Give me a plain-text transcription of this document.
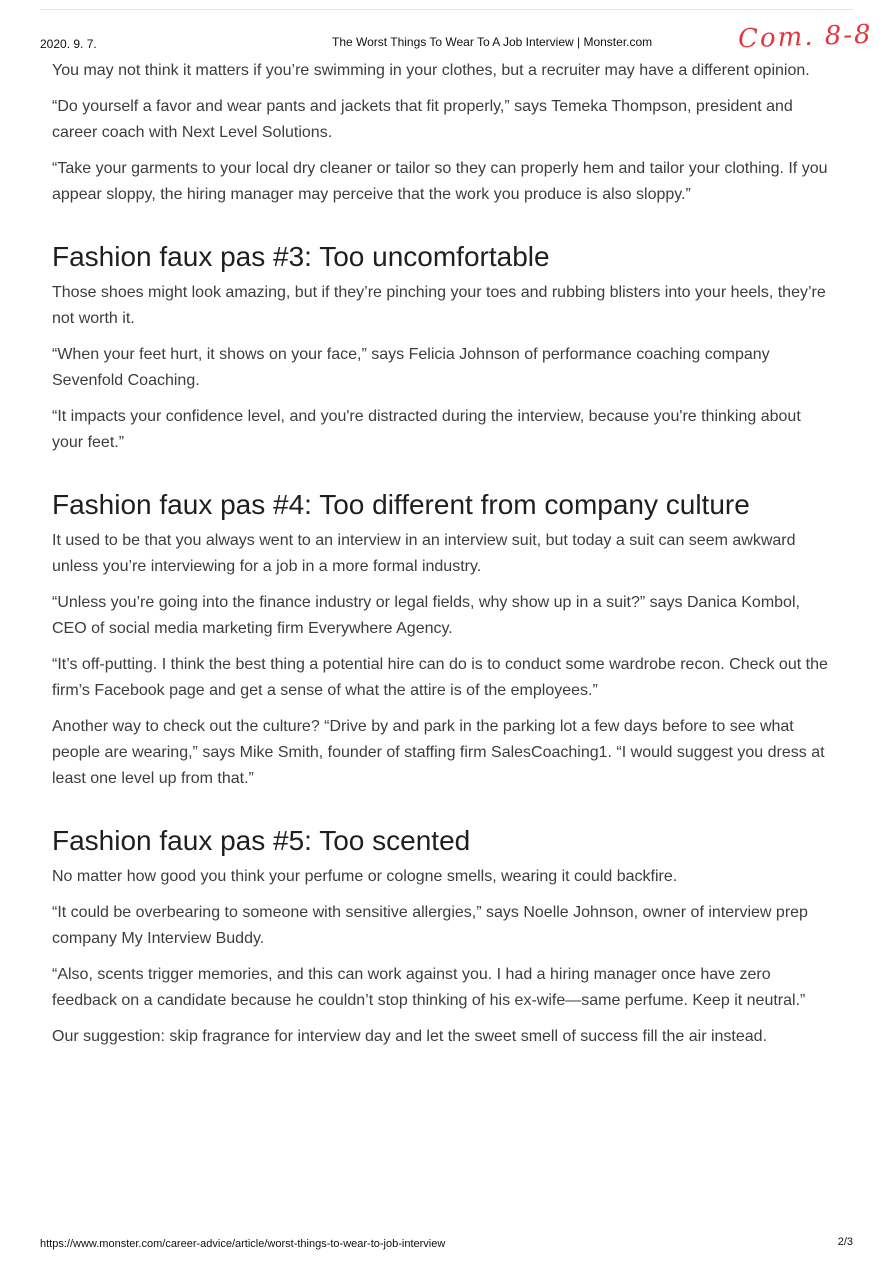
2020. 9. 7.	The Worst Things To Wear To A Job Interview | Monster.com	Com. 8-8

You may not think it matters if you’re swimming in your clothes, but a recruiter may have a different opinion.

“Do yourself a favor and wear pants and jackets that fit properly,” says Temeka Thompson, president and career coach with Next Level Solutions.

“Take your garments to your local dry cleaner or tailor so they can properly hem and tailor your clothing. If you appear sloppy, the hiring manager may perceive that the work you produce is also sloppy.”

Fashion faux pas #3: Too uncomfortable

Those shoes might look amazing, but if they’re pinching your toes and rubbing blisters into your heels, they’re not worth it.

“When your feet hurt, it shows on your face,” says Felicia Johnson of performance coaching company Sevenfold Coaching.

“It impacts your confidence level, and you're distracted during the interview, because you're thinking about your feet.”

Fashion faux pas #4: Too different from company culture

It used to be that you always went to an interview in an interview suit, but today a suit can seem awkward unless you’re interviewing for a job in a more formal industry.

“Unless you’re going into the finance industry or legal fields, why show up in a suit?” says Danica Kombol, CEO of social media marketing firm Everywhere Agency.

“It’s off-putting. I think the best thing a potential hire can do is to conduct some wardrobe recon. Check out the firm’s Facebook page and get a sense of what the attire is of the employees.”

Another way to check out the culture? “Drive by and park in the parking lot a few days before to see what people are wearing,” says Mike Smith, founder of staffing firm SalesCoaching1. “I would suggest you dress at least one level up from that.”

Fashion faux pas #5: Too scented

No matter how good you think your perfume or cologne smells, wearing it could backfire.

“It could be overbearing to someone with sensitive allergies,” says Noelle Johnson, owner of interview prep company My Interview Buddy.

“Also, scents trigger memories, and this can work against you. I had a hiring manager once have zero feedback on a candidate because he couldn’t stop thinking of his ex-wife—same perfume. Keep it neutral.”

Our suggestion: skip fragrance for interview day and let the sweet smell of success fill the air instead.

https://www.monster.com/career-advice/article/worst-things-to-wear-to-job-interview	2/3
